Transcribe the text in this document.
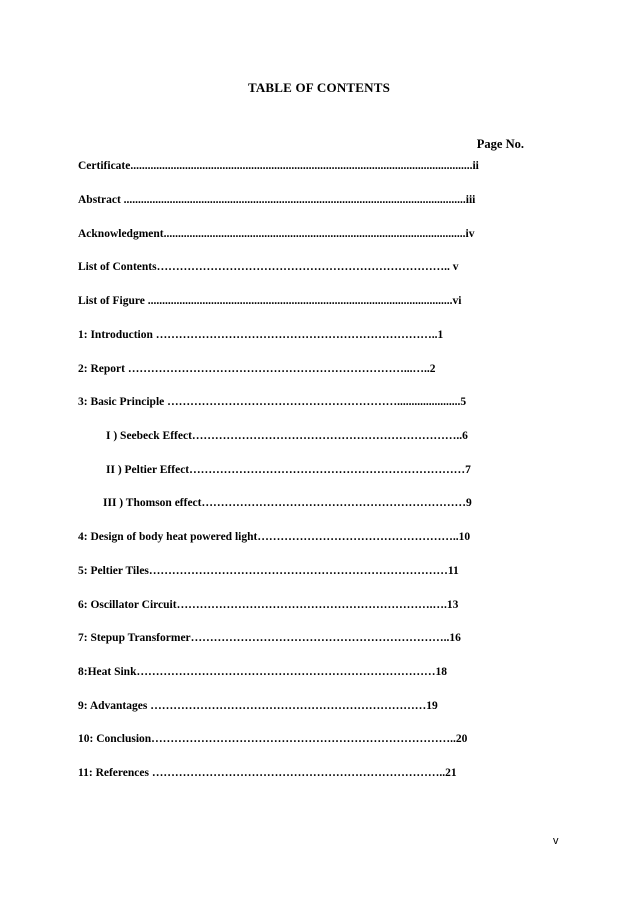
TABLE OF CONTENTS
Page No.
Certificate.......................................................................................................................ii
Abstract .......................................................................................................................iii
Acknowledgment.........................................................................................................iv
List of Contents………………………………………………………………….. v
List of Figure ..........................................................................................................vi
1: Introduction ………………………………………………………………..1
2: Report ………………………………………………………………...…..2
3: Basic Principle ……………………………………………………......................5
I ) Seebeck Effect……………………………………………………………..6
II ) Peltier Effect………………………………………………………………7
III ) Thomson effect……………………………………………………………9
4: Design of body heat powered light……………………………………………..10
5: Peltier Tiles……………………………………………………………………11
6: Oscillator Circuit………………………………………………………….….13
7: Stepup Transformer…………………………………………………………..16
8:Heat Sink……………………………………………………………………18
9: Advantages ………………………………………………………………19
10: Conclusion……………………………………………………………………..20
11: References …………………………………………………………………..21
v
